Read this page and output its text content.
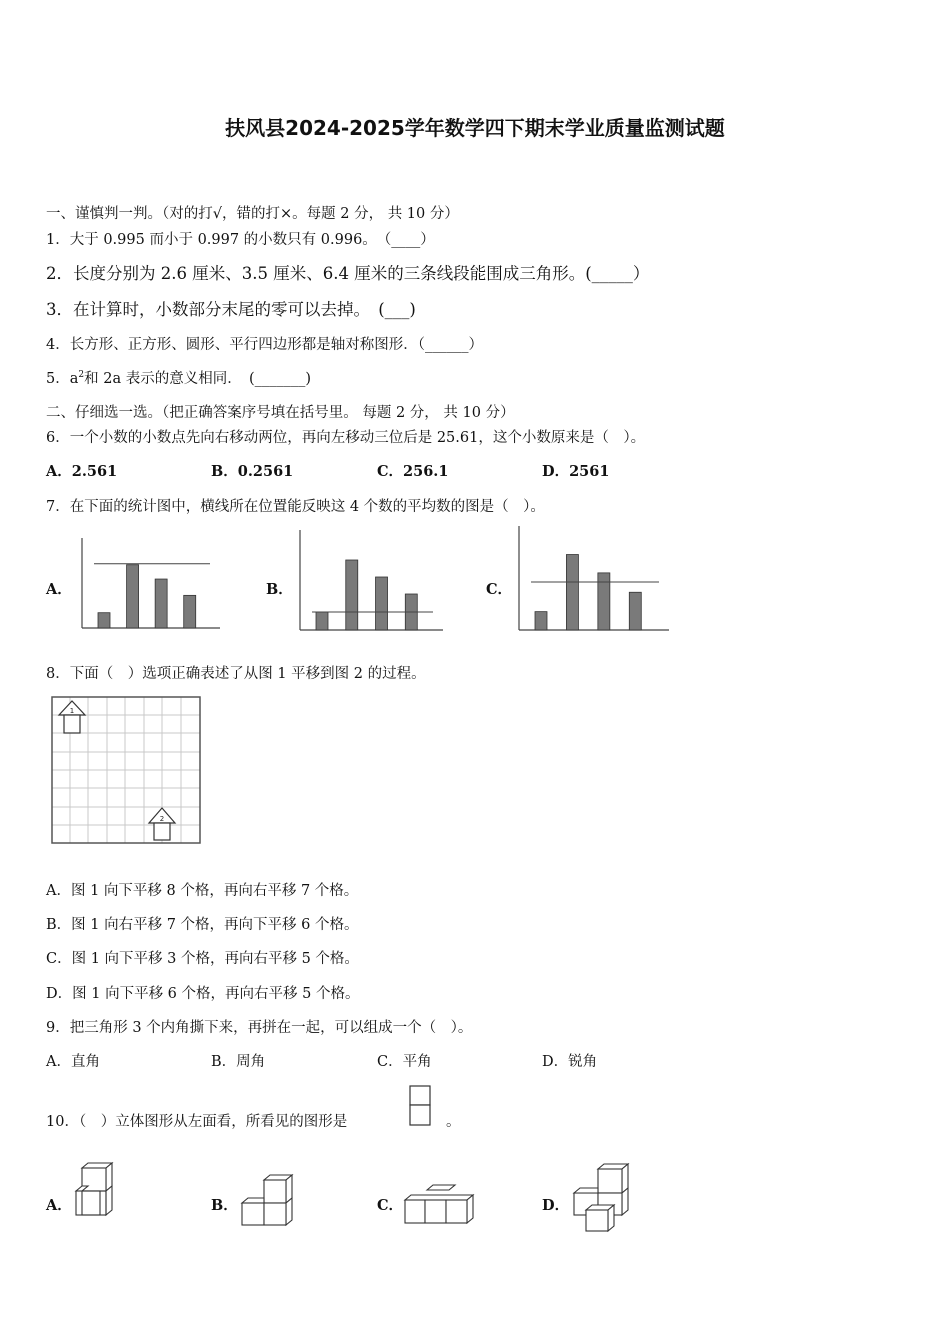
扶风县2024-2025学年数学四下期末学业质量监测试题
一、谨慎判一判。（对的打√，错的打×。每题 2 分， 共 10 分）
1．大于 0.995 而小于 0.997 的小数只有 0.996。　（____）
2．长度分别为 2.6 厘米、3.5 厘米、6.4 厘米的三条线段能围成三角形。(_____）
3．在计算时，小数部分末尾的零可以去掉。　(___)
4．长方形、正方形、圆形、平行四边形都是轴对称图形．（______）
5．$a^2$和 2a 表示的意义相同．　(_______)
二、仔细选一选。（把正确答案序号填在括号里。 每题 2 分， 共 10 分）
6．一个小数的小数点先向右移动两位，再向左移动三位后是 25.61，这个小数原来是（　）。
A．2.561	B．0.2561	C．256.1	D．2561
7．在下面的统计图中，横线所在位置能反映这 4 个数的平均数的图是（　）。
A．	B．	C．
8．下面（　）选项正确表述了从图 1 平移到图 2 的过程。
1
2
A．图 1 向下平移 8 个格，再向右平移 7 个格。
B．图 1 向右平移 7 个格，再向下平移 6 个格。
C．图 1 向下平移 3 个格，再向右平移 5 个格。
D．图 1 向下平移 6 个格，再向右平移 5 个格。
9．把三角形 3 个内角撕下来，再拼在一起，可以组成一个（　）。
A．直角	B．周角	C．平角	D．锐角
10．（　）立体图形从左面看，所看见的图形是	。
A．	B．	C．	D．
